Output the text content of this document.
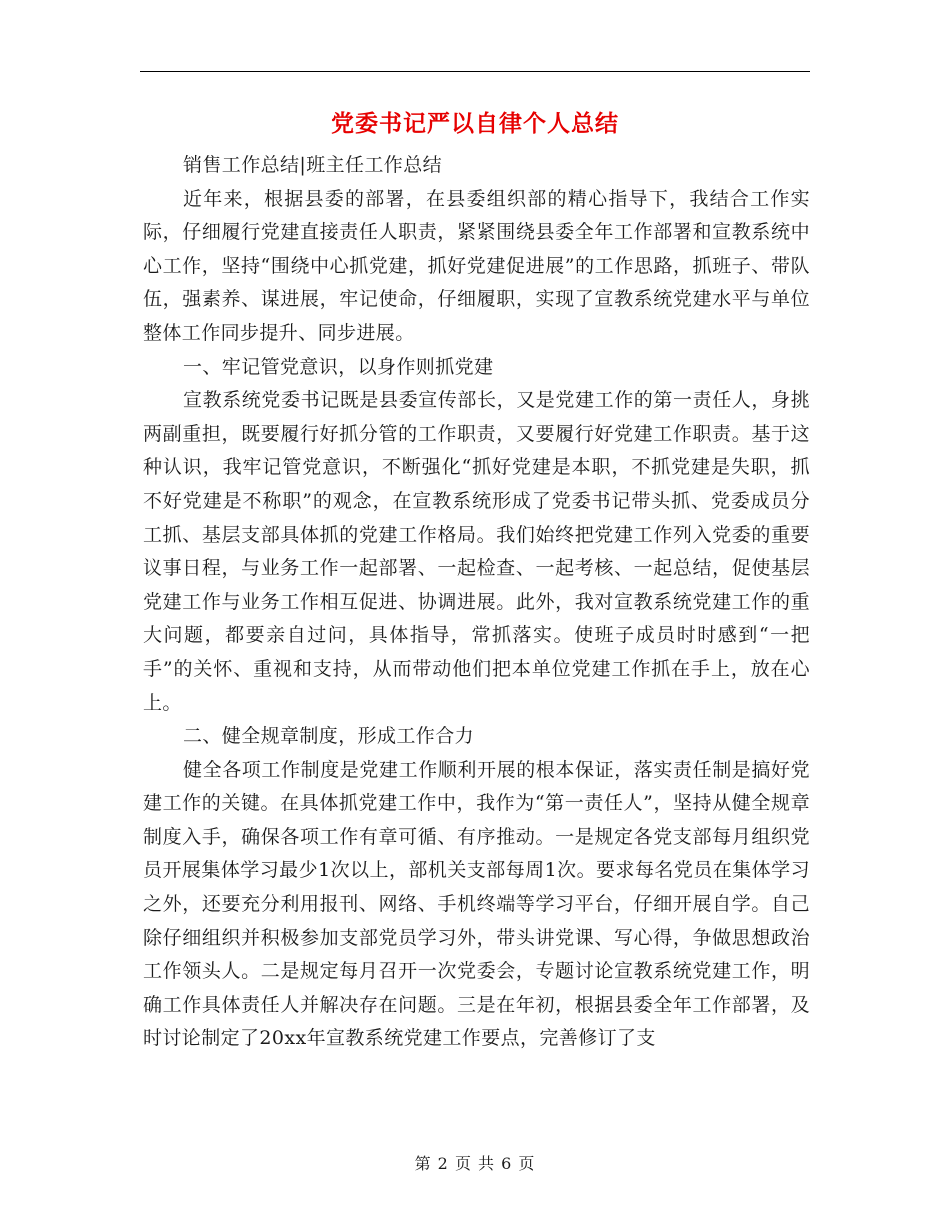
党委书记严以自律个人总结

销售工作总结|班主任工作总结

近年来，根据县委的部署，在县委组织部的精心指导下，我结合工作实际，仔细履行党建直接责任人职责，紧紧围绕县委全年工作部署和宣教系统中心工作，坚持“围绕中心抓党建，抓好党建促进展”的工作思路，抓班子、带队伍，强素养、谋进展，牢记使命，仔细履职，实现了宣教系统党建水平与单位整体工作同步提升、同步进展。

一、牢记管党意识，以身作则抓党建

宣教系统党委书记既是县委宣传部长，又是党建工作的第一责任人，身挑两副重担，既要履行好抓分管的工作职责，又要履行好党建工作职责。基于这种认识，我牢记管党意识，不断强化“抓好党建是本职，不抓党建是失职，抓不好党建是不称职”的观念，在宣教系统形成了党委书记带头抓、党委成员分工抓、基层支部具体抓的党建工作格局。我们始终把党建工作列入党委的重要议事日程，与业务工作一起部署、一起检查、一起考核、一起总结，促使基层党建工作与业务工作相互促进、协调进展。此外，我对宣教系统党建工作的重大问题，都要亲自过问，具体指导，常抓落实。使班子成员时时感到“一把手”的关怀、重视和支持，从而带动他们把本单位党建工作抓在手上，放在心上。

二、健全规章制度，形成工作合力

健全各项工作制度是党建工作顺利开展的根本保证，落实责任制是搞好党建工作的关键。在具体抓党建工作中，我作为“第一责任人”，坚持从健全规章制度入手，确保各项工作有章可循、有序推动。一是规定各党支部每月组织党员开展集体学习最少1次以上，部机关支部每周1次。要求每名党员在集体学习之外，还要充分利用报刊、网络、手机终端等学习平台，仔细开展自学。自己除仔细组织并积极参加支部党员学习外，带头讲党课、写心得，争做思想政治工作领头人。二是规定每月召开一次党委会，专题讨论宣教系统党建工作，明确工作具体责任人并解决存在问题。三是在年初，根据县委全年工作部署，及时讨论制定了20xx年宣教系统党建工作要点，完善修订了支

第 2 页 共 6 页
